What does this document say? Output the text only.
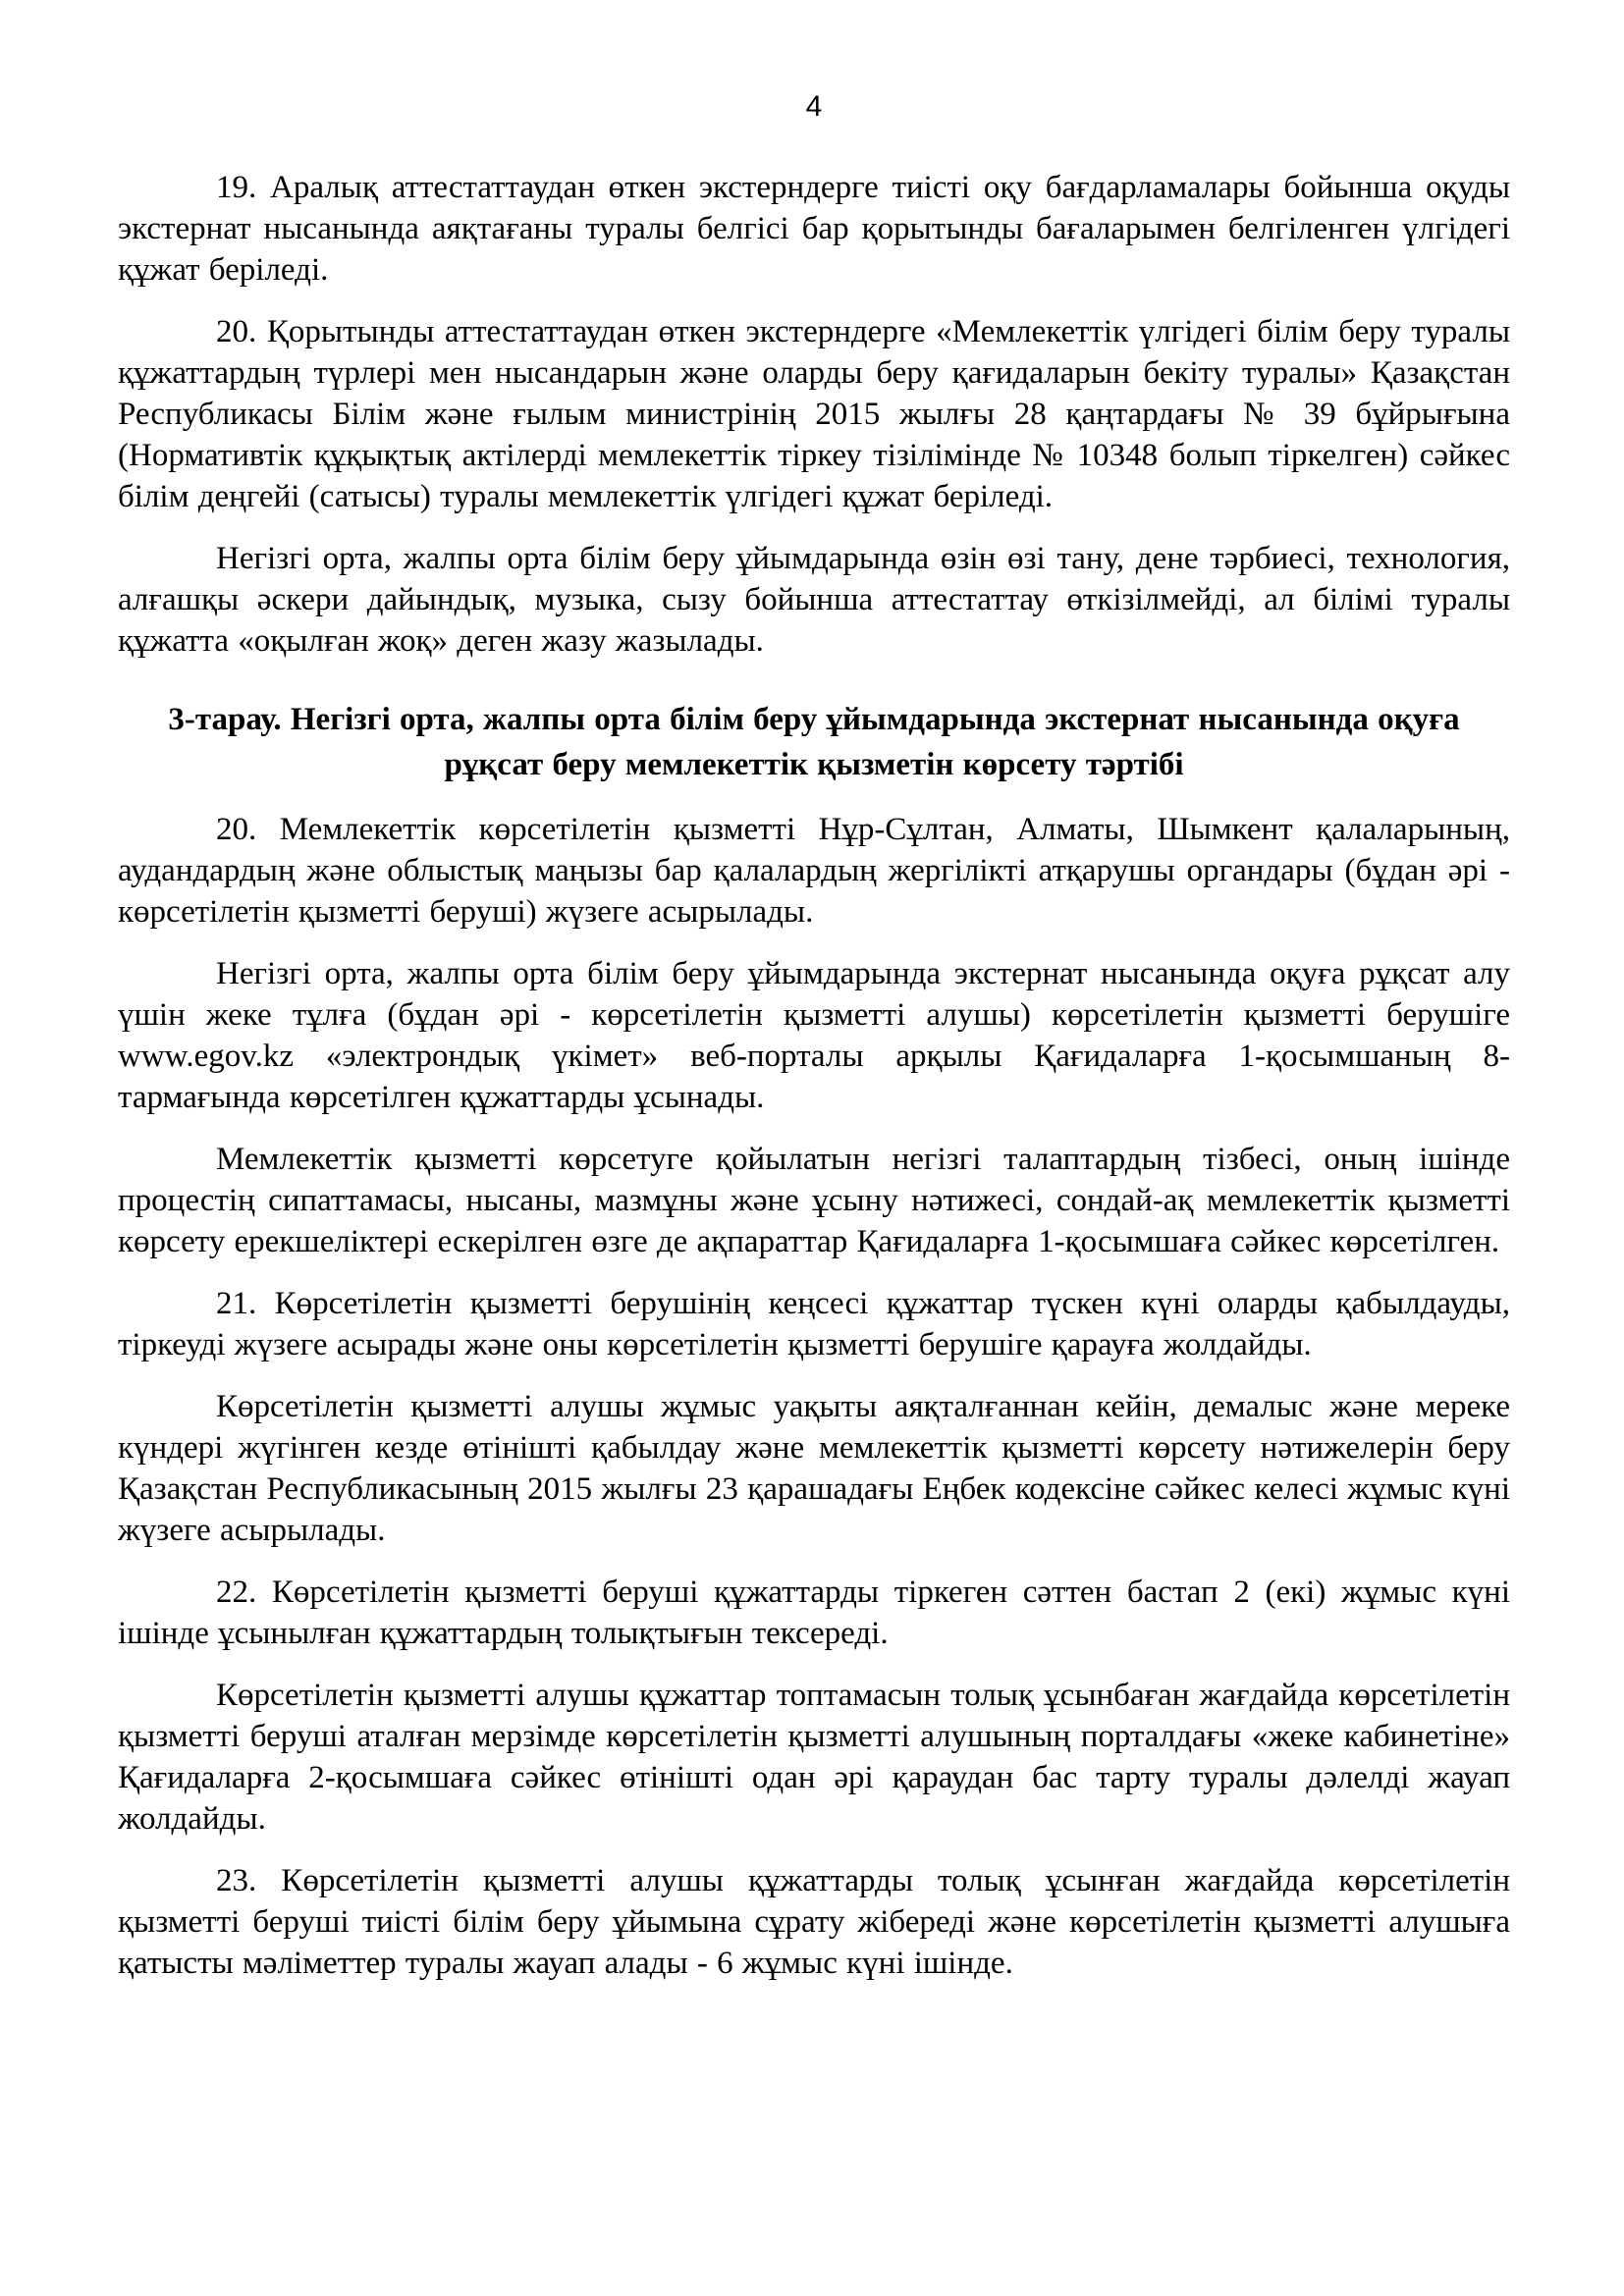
4

19. Аралық аттестаттаудан өткен экстерндерге тиісті оқу бағдарламалары бойынша оқуды экстернат нысанында аяқтағаны туралы белгісі бар қорытынды бағаларымен белгіленген үлгідегі құжат беріледі.

20. Қорытынды аттестаттаудан өткен экстерндерге «Мемлекеттік үлгідегі білім беру туралы құжаттардың түрлері мен нысандарын және оларды беру қағидаларын бекіту туралы» Қазақстан Республикасы Білім және ғылым министрінің 2015 жылғы 28 қаңтардағы № 39 бұйрығына (Нормативтік құқықтық актілерді мемлекеттік тіркеу тізілімінде № 10348 болып тіркелген) сәйкес білім деңгейі (сатысы) туралы мемлекеттік үлгідегі құжат беріледі.

Негізгі орта, жалпы орта білім беру ұйымдарында өзін өзі тану, дене тәрбиесі, технология, алғашқы әскери дайындық, музыка, сызу бойынша аттестаттау өткізілмейді, ал білімі туралы құжатта «оқылған жоқ» деген жазу жазылады.

3-тарау. Негізгі орта, жалпы орта білім беру ұйымдарында экстернат нысанында оқуға рұқсат беру мемлекеттік қызметін көрсету тәртібі

20. Мемлекеттік көрсетілетін қызметті Нұр-Сұлтан, Алматы, Шымкент қалаларының, аудандардың және облыстық маңызы бар қалалардың жергілікті атқарушы органдары (бұдан әрі - көрсетілетін қызметті беруші) жүзеге асырылады.

Негізгі орта, жалпы орта білім беру ұйымдарында экстернат нысанында оқуға рұқсат алу үшін жеке тұлға (бұдан әрі - көрсетілетін қызметті алушы) көрсетілетін қызметті берушіге www.egov.kz «электрондық үкімет» веб-порталы арқылы Қағидаларға 1-қосымшаның 8-тармағында көрсетілген құжаттарды ұсынады.

Мемлекеттік қызметті көрсетуге қойылатын негізгі талаптардың тізбесі, оның ішінде процестің сипаттамасы, нысаны, мазмұны және ұсыну нәтижесі, сондай-ақ мемлекеттік қызметті көрсету ерекшеліктері ескерілген өзге де ақпараттар Қағидаларға 1-қосымшаға сәйкес көрсетілген.

21. Көрсетілетін қызметті берушінің кеңсесі құжаттар түскен күні оларды қабылдауды, тіркеуді жүзеге асырады және оны көрсетілетін қызметті берушіге қарауға жолдайды.

Көрсетілетін қызметті алушы жұмыс уақыты аяқталғаннан кейін, демалыс және мереке күндері жүгінген кезде өтінішті қабылдау және мемлекеттік қызметті көрсету нәтижелерін беру Қазақстан Республикасының 2015 жылғы 23 қарашадағы Еңбек кодексіне сәйкес келесі жұмыс күні жүзеге асырылады.

22. Көрсетілетін қызметті беруші құжаттарды тіркеген сәттен бастап 2 (екі) жұмыс күні ішінде ұсынылған құжаттардың толықтығын тексереді.

Көрсетілетін қызметті алушы құжаттар топтамасын толық ұсынбаған жағдайда көрсетілетін қызметті беруші аталған мерзімде көрсетілетін қызметті алушының порталдағы «жеке кабинетіне» Қағидаларға 2-қосымшаға сәйкес өтінішті одан әрі қараудан бас тарту туралы дәлелді жауап жолдайды.

23. Көрсетілетін қызметті алушы құжаттарды толық ұсынған жағдайда көрсетілетін қызметті беруші тиісті білім беру ұйымына сұрату жібереді және көрсетілетін қызметті алушыға қатысты мәліметтер туралы жауап алады - 6 жұмыс күні ішінде.
